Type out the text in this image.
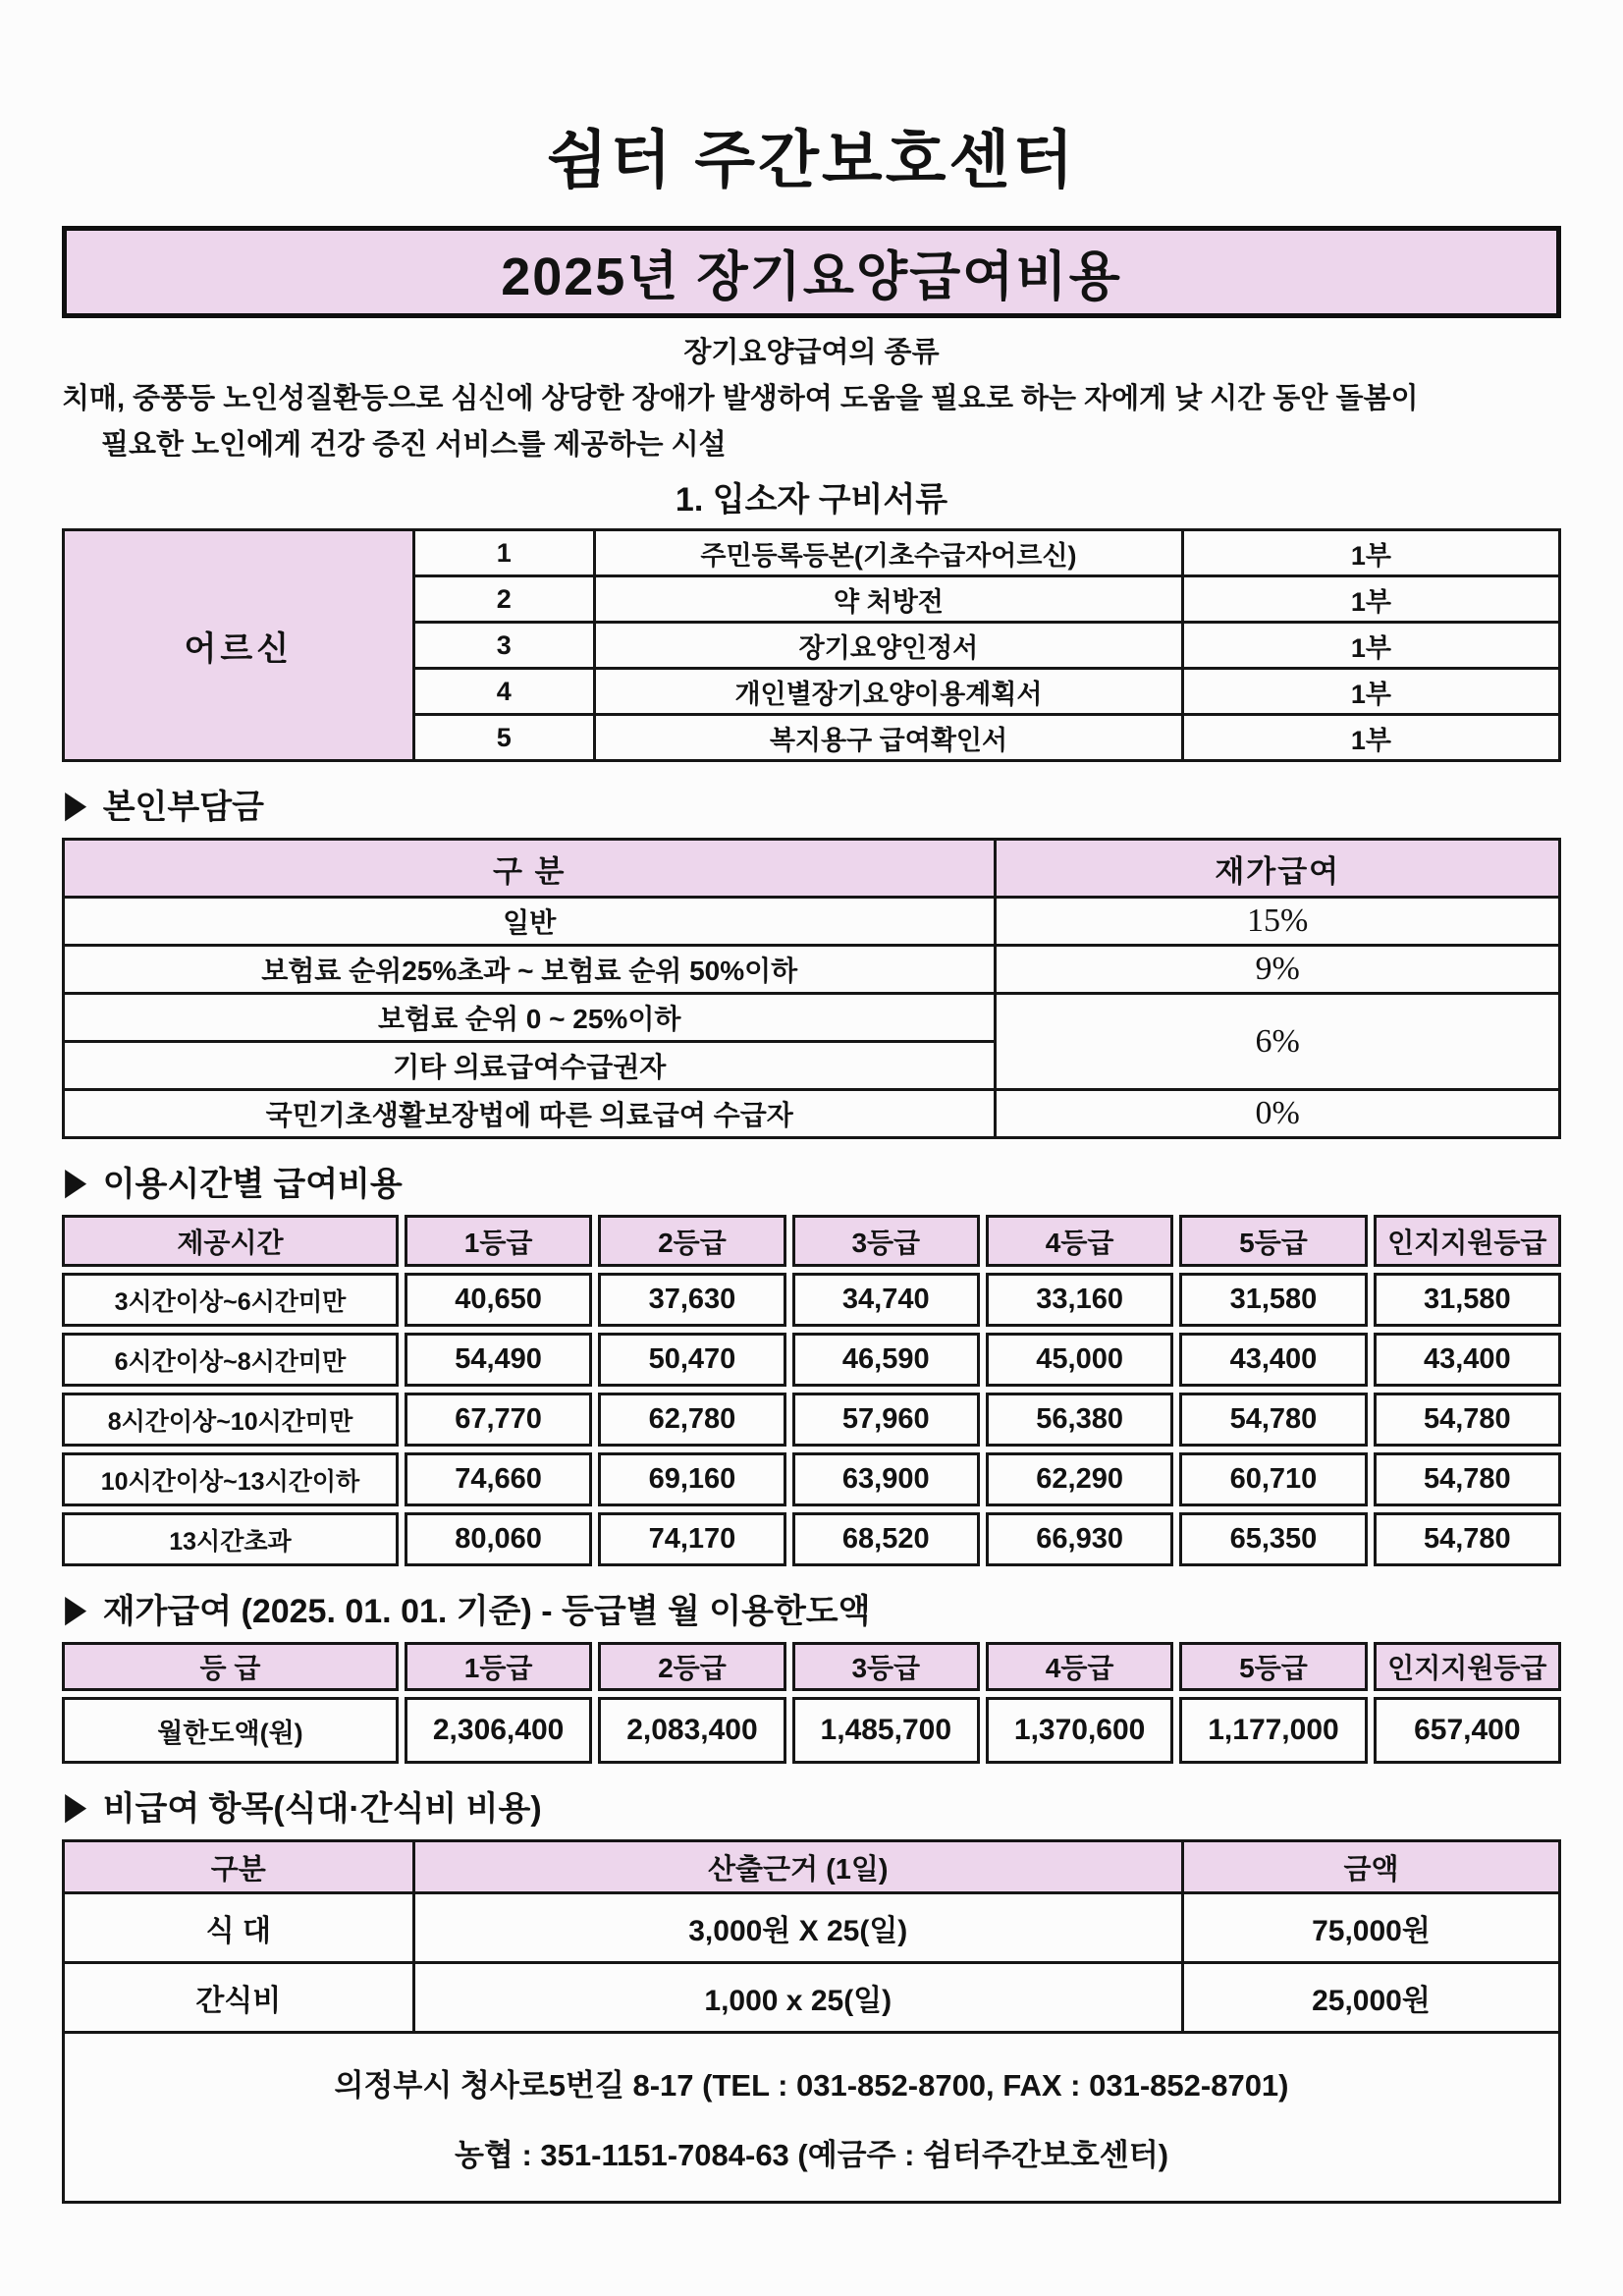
쉼터 주간보호센터
2025년 장기요양급여비용
장기요양급여의 종류
치매, 중풍등 노인성질환등으로 심신에 상당한 장애가 발생하여 도움을 필요로 하는 자에게 낮 시간 동안 돌봄이
필요한 노인에게 건강 증진 서비스를 제공하는 시설
1. 입소자 구비서류
어르신	1	주민등록등본(기초수급자어르신)	1부
	2	약 처방전	1부
	3	장기요양인정서	1부
	4	개인별장기요양이용계획서	1부
	5	복지용구 급여확인서	1부
▶ 본인부담금
구 분	재가급여
일반	15%
보험료 순위25%초과 ~ 보험료 순위 50%이하	9%
보험료 순위 0 ~ 25%이하	6%
기타 의료급여수급권자	
국민기초생활보장법에 따른 의료급여 수급자	0%
▶ 이용시간별 급여비용
제공시간	1등급	2등급	3등급	4등급	5등급	인지지원등급
3시간이상~6시간미만	40,650	37,630	34,740	33,160	31,580	31,580
6시간이상~8시간미만	54,490	50,470	46,590	45,000	43,400	43,400
8시간이상~10시간미만	67,770	62,780	57,960	56,380	54,780	54,780
10시간이상~13시간이하	74,660	69,160	63,900	62,290	60,710	54,780
13시간초과	80,060	74,170	68,520	66,930	65,350	54,780
▶ 재가급여 (2025. 01. 01. 기준) - 등급별 월 이용한도액
등 급	1등급	2등급	3등급	4등급	5등급	인지지원등급
월한도액(원)	2,306,400	2,083,400	1,485,700	1,370,600	1,177,000	657,400
▶ 비급여 항목(식대·간식비 비용)
구분	산출근거 (1일)	금액
식 대	3,000원 X 25(일)	75,000원
간식비	1,000 x 25(일)	25,000원

의정부시 청사로5번길 8-17 (TEL : 031-852-8700, FAX : 031-852-8701)
농협 : 351-1151-7084-63 (예금주 : 쉼터주간보호센터)		
